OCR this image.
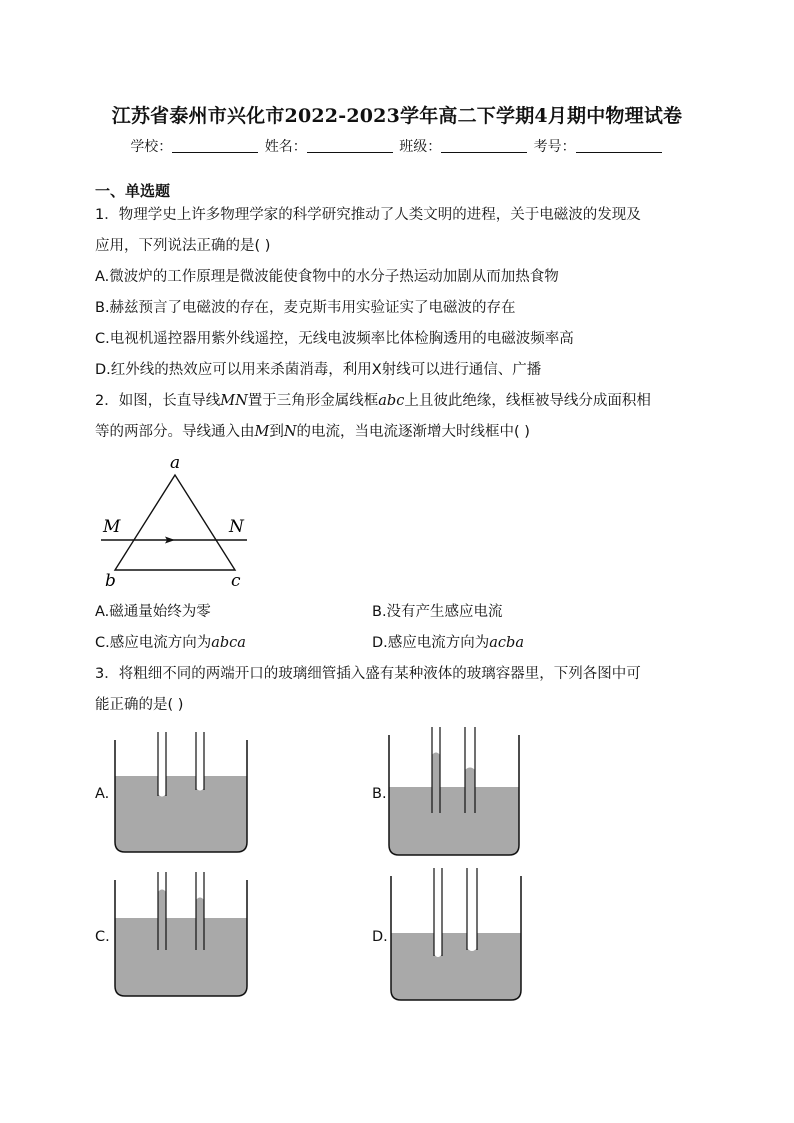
江苏省泰州市兴化市2022-2023学年高二下学期4月期中物理试卷
学校：	姓名：	班级：	考号：
一、单选题
1．物理学史上许多物理学家的科学研究推动了人类文明的进程，关于电磁波的发现及
应用，下列说法正确的是( )
A.微波炉的工作原理是微波能使食物中的水分子热运动加剧从而加热食物
B.赫兹预言了电磁波的存在，麦克斯韦用实验证实了电磁波的存在
C.电视机遥控器用紫外线遥控，无线电波频率比体检胸透用的电磁波频率高
D.红外线的热效应可以用来杀菌消毒，利用X射线可以进行通信、广播
2．如图，长直导线MN置于三角形金属线框abc上且彼此绝缘，线框被导线分成面积相
等的两部分。导线通入由M到N的电流，当电流逐渐增大时线框中( )
a
M	N
b	c
A.磁通量始终为零	B.没有产生感应电流
C.感应电流方向为abca	D.感应电流方向为acba
3．将粗细不同的两端开口的玻璃细管插入盛有某种液体的玻璃容器里，下列各图中可
能正确的是( )
A.	B.
C.	D.
